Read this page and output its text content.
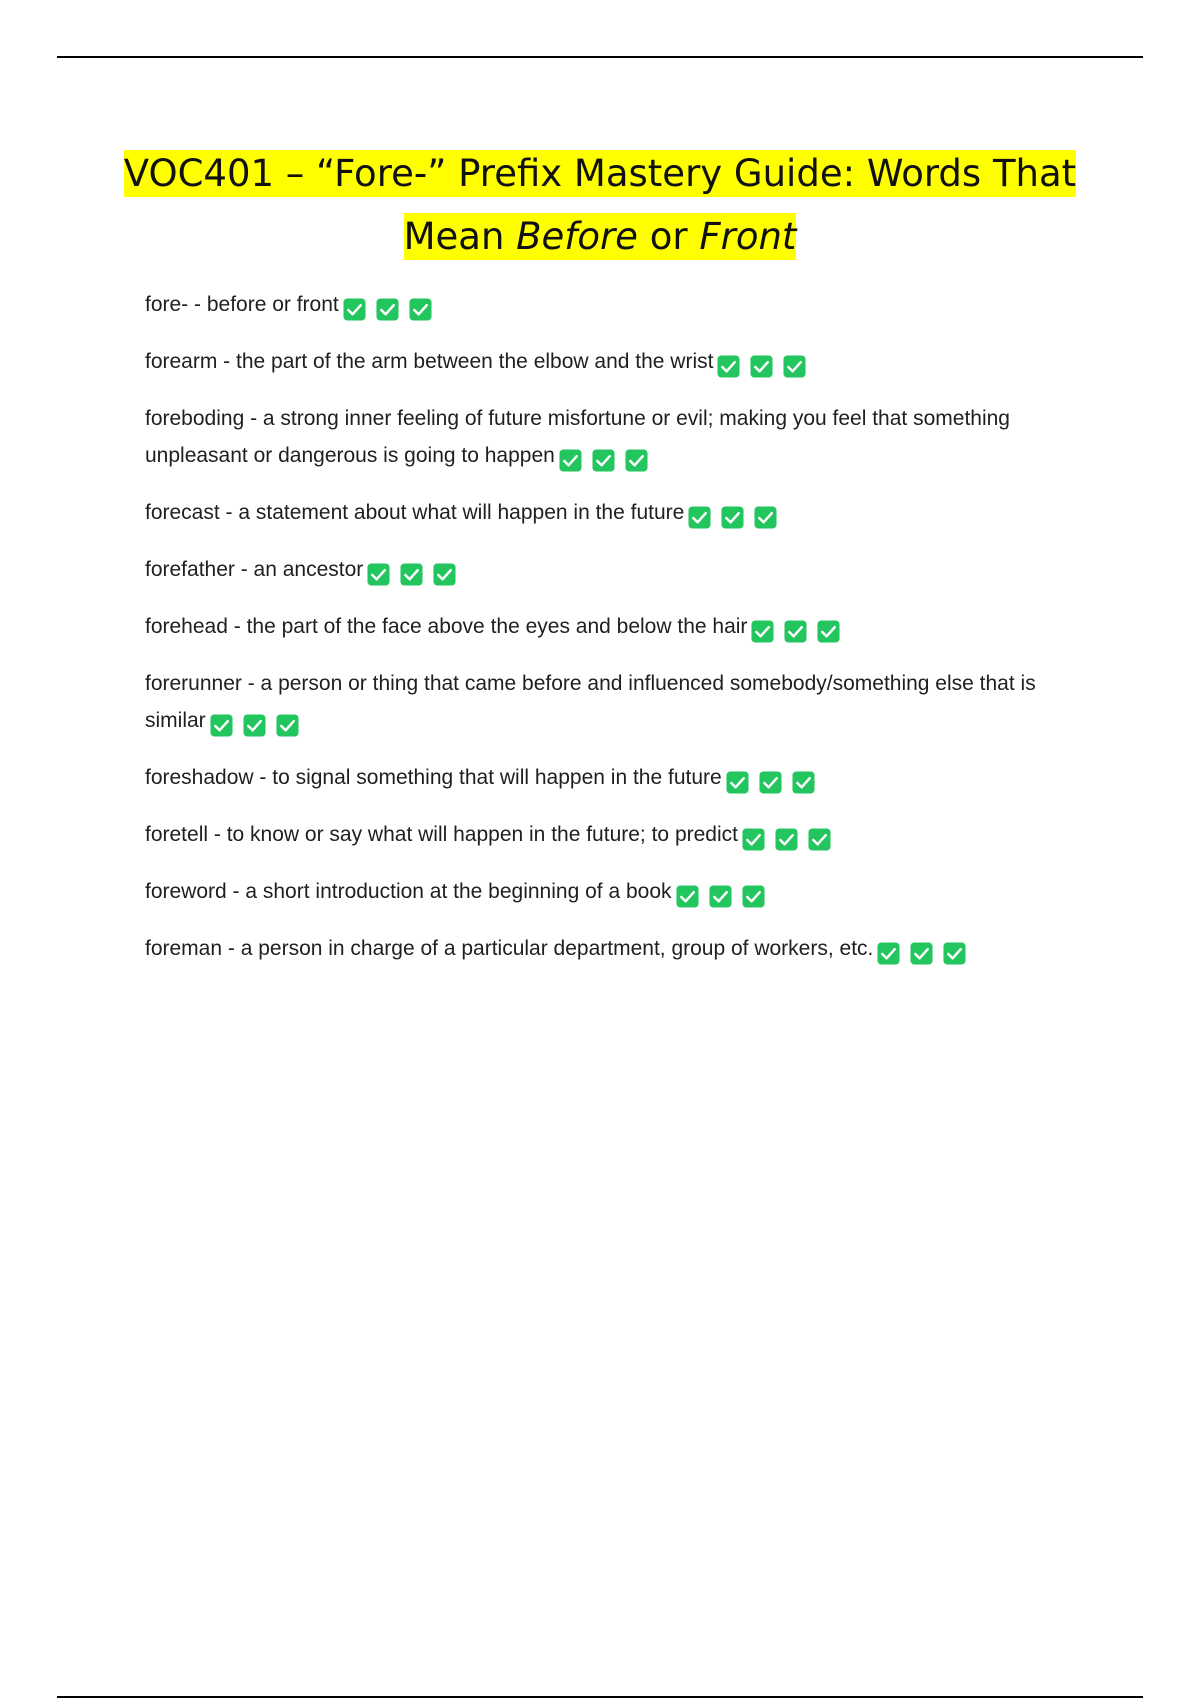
VOC401 – “Fore-” Prefix Mastery Guide: Words That
Mean Before or Front

fore- - before or front

forearm - the part of the arm between the elbow and the wrist

foreboding - a strong inner feeling of future misfortune or evil; making you feel that something unpleasant or dangerous is going to happen

forecast - a statement about what will happen in the future

forefather - an ancestor

forehead - the part of the face above the eyes and below the hair

forerunner - a person or thing that came before and influenced somebody/something else that is similar

foreshadow - to signal something that will happen in the future

foretell - to know or say what will happen in the future; to predict

foreword - a short introduction at the beginning of a book

foreman - a person in charge of a particular department, group of workers, etc.
